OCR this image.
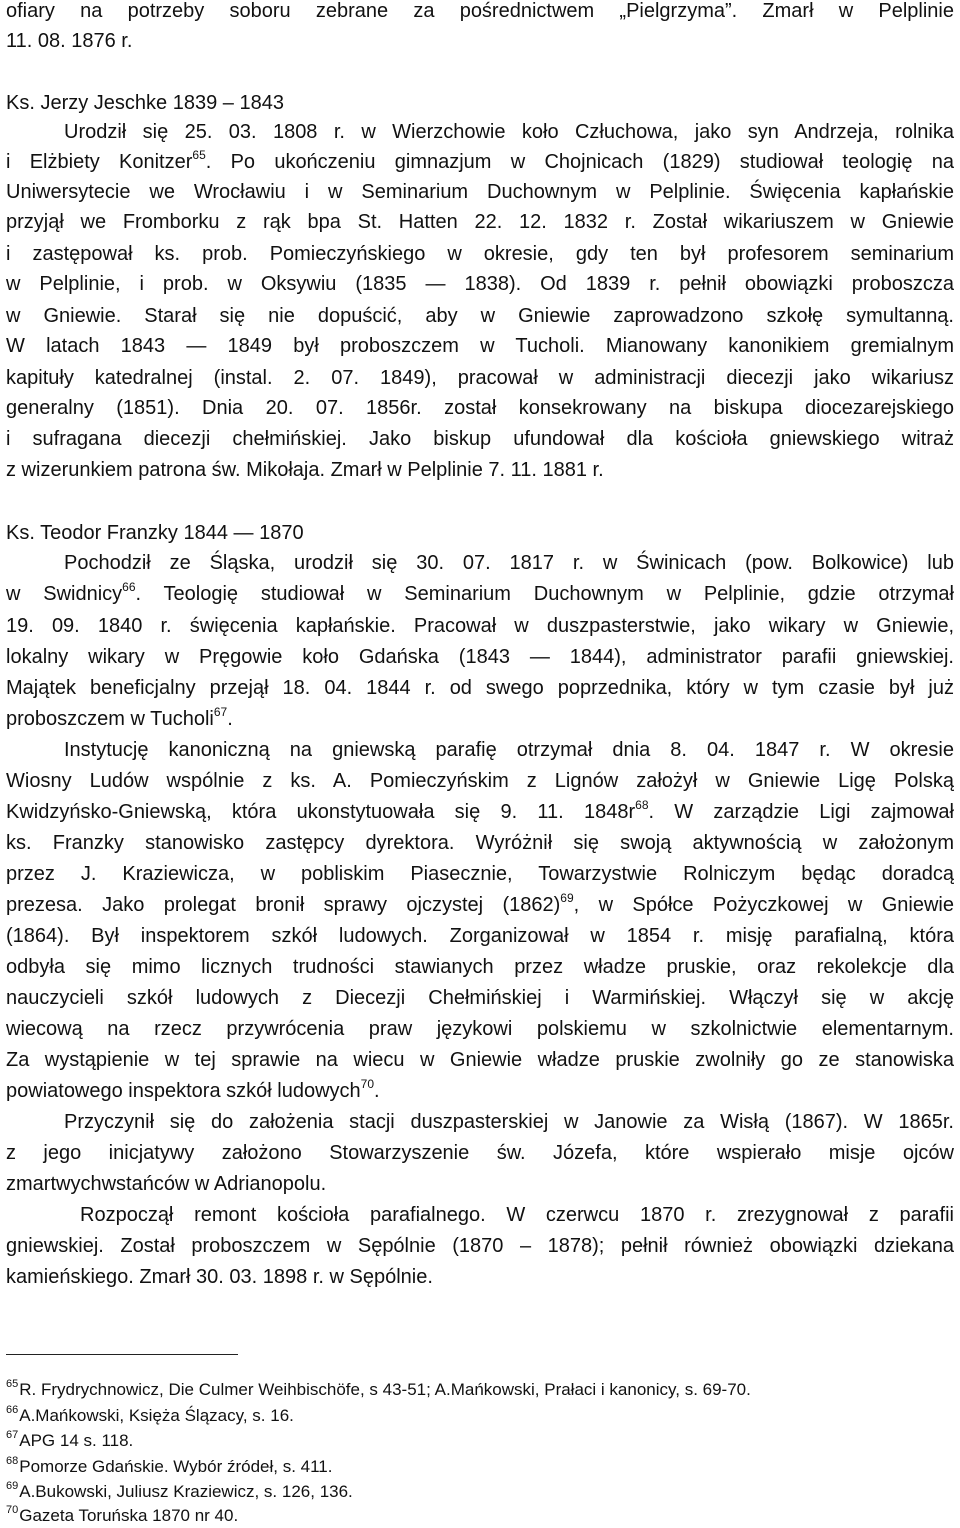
ofiary na potrzeby soboru zebrane za pośrednictwem „Pielgrzyma”. Zmarł w Pelplinie
11. 08. 1876 r.
Ks. Jerzy Jeschke 1839 – 1843
Urodził się 25. 03. 1808 r. w Wierzchowie koło Człuchowa, jako syn Andrzeja, rolnika
i Elżbiety Konitzer$^{65}$. Po ukończeniu gimnazjum w Chojnicach (1829) studiował teologię na
Uniwersytecie we Wrocławiu i w Seminarium Duchownym w Pelplinie. Święcenia kapłańskie
przyjął we Fromborku z rąk bpa St. Hatten 22. 12. 1832 r. Został wikariuszem w Gniewie
i zastępował ks. prob. Pomieczyńskiego w okresie, gdy ten był profesorem seminarium
w Pelplinie, i prob. w Oksywiu (1835 — 1838). Od 1839 r. pełnił obowiązki proboszcza
w Gniewie. Starał się nie dopuścić, aby w Gniewie zaprowadzono szkołę symultanną.
W latach 1843 — 1849 był proboszczem w Tucholi. Mianowany kanonikiem gremialnym
kapituły katedralnej (instal. 2. 07. 1849), pracował w administracji diecezji jako wikariusz
generalny (1851). Dnia 20. 07. 1856r. został konsekrowany na biskupa diocezarejskiego
i sufragana diecezji chełmińskiej. Jako biskup ufundował dla kościoła gniewskiego witraż
z wizerunkiem patrona św. Mikołaja. Zmarł w Pelplinie 7. 11. 1881 r.
Ks. Teodor Franzky 1844 — 1870
Pochodził ze Śląska, urodził się 30. 07. 1817 r. w Świnicach (pow. Bolkowice) lub
w Swidnicy$^{66}$. Teologię studiował w Seminarium Duchownym w Pelplinie, gdzie otrzymał
19. 09. 1840 r. święcenia kapłańskie. Pracował w duszpasterstwie, jako wikary w Gniewie,
lokalny wikary w Pręgowie koło Gdańska (1843 — 1844), administrator parafii gniewskiej.
Majątek beneficjalny przejął 18. 04. 1844 r. od swego poprzednika, który w tym czasie był już
proboszczem w Tucholi$^{67}$.
Instytucję kanoniczną na gniewską parafię otrzymał dnia 8. 04. 1847 r. W okresie
Wiosny Ludów wspólnie z ks. A. Pomieczyńskim z Lignów założył w Gniewie Ligę Polską
Kwidzyńsko-Gniewską, która ukonstytuowała się 9. 11. $1848r^{68}$. W zarządzie Ligi zajmował
ks. Franzky stanowisko zastępcy dyrektora. Wyróżnił się swoją aktywnością w założonym
przez J. Kraziewicza, w pobliskim Piasecznie, Towarzystwie Rolniczym będąc doradcą
prezesa. Jako prolegat bronił sprawy ojczystej $(1862)^{69}$, w Spółce Pożyczkowej w Gniewie
(1864). Był inspektorem szkół ludowych. Zorganizował w 1854 r. misję parafialną, która
odbyła się mimo licznych trudności stawianych przez władze pruskie, oraz rekolekcje dla
nauczycieli szkół ludowych z Diecezji Chełmińskiej i Warmińskiej. Włączył się w akcję
wiecową na rzecz przywrócenia praw językowi polskiemu w szkolnictwie elementarnym.
Za wystąpienie w tej sprawie na wiecu w Gniewie władze pruskie zwolniły go ze stanowiska
powiatowego inspektora szkół ludowych$^{70}$.
Przyczynił się do założenia stacji duszpasterskiej w Janowie za Wisłą (1867). W 1865r.
z jego inicjatywy założono Stowarzyszenie św. Józefa, które wspierało misje ojców
zmartwychwstańców w Adrianopolu.
Rozpoczął remont kościoła parafialnego. W czerwcu 1870 r. zrezygnował z parafii
gniewskiej. Został proboszczem w Sępólnie (1870 – 1878); pełnił również obowiązki dziekana
kamieńskiego. Zmarł 30. 03. 1898 r. w Sępólnie.
$^{65}$R. Frydrychnowicz, Die Culmer Weihbischöfe, s 43-51; A.Mańkowski, Prałaci i kanonicy, s. 69-70.
$^{66}$A.Mańkowski, Księża Ślązacy, s. 16.
$^{67}$APG 14 s. 118.
$^{68}$Pomorze Gdańskie. Wybór źródeł, s. 411.
$^{69}$A.Bukowski, Juliusz Kraziewicz, s. 126, 136.
$^{70}$Gazeta Toruńska 1870 nr 40.
